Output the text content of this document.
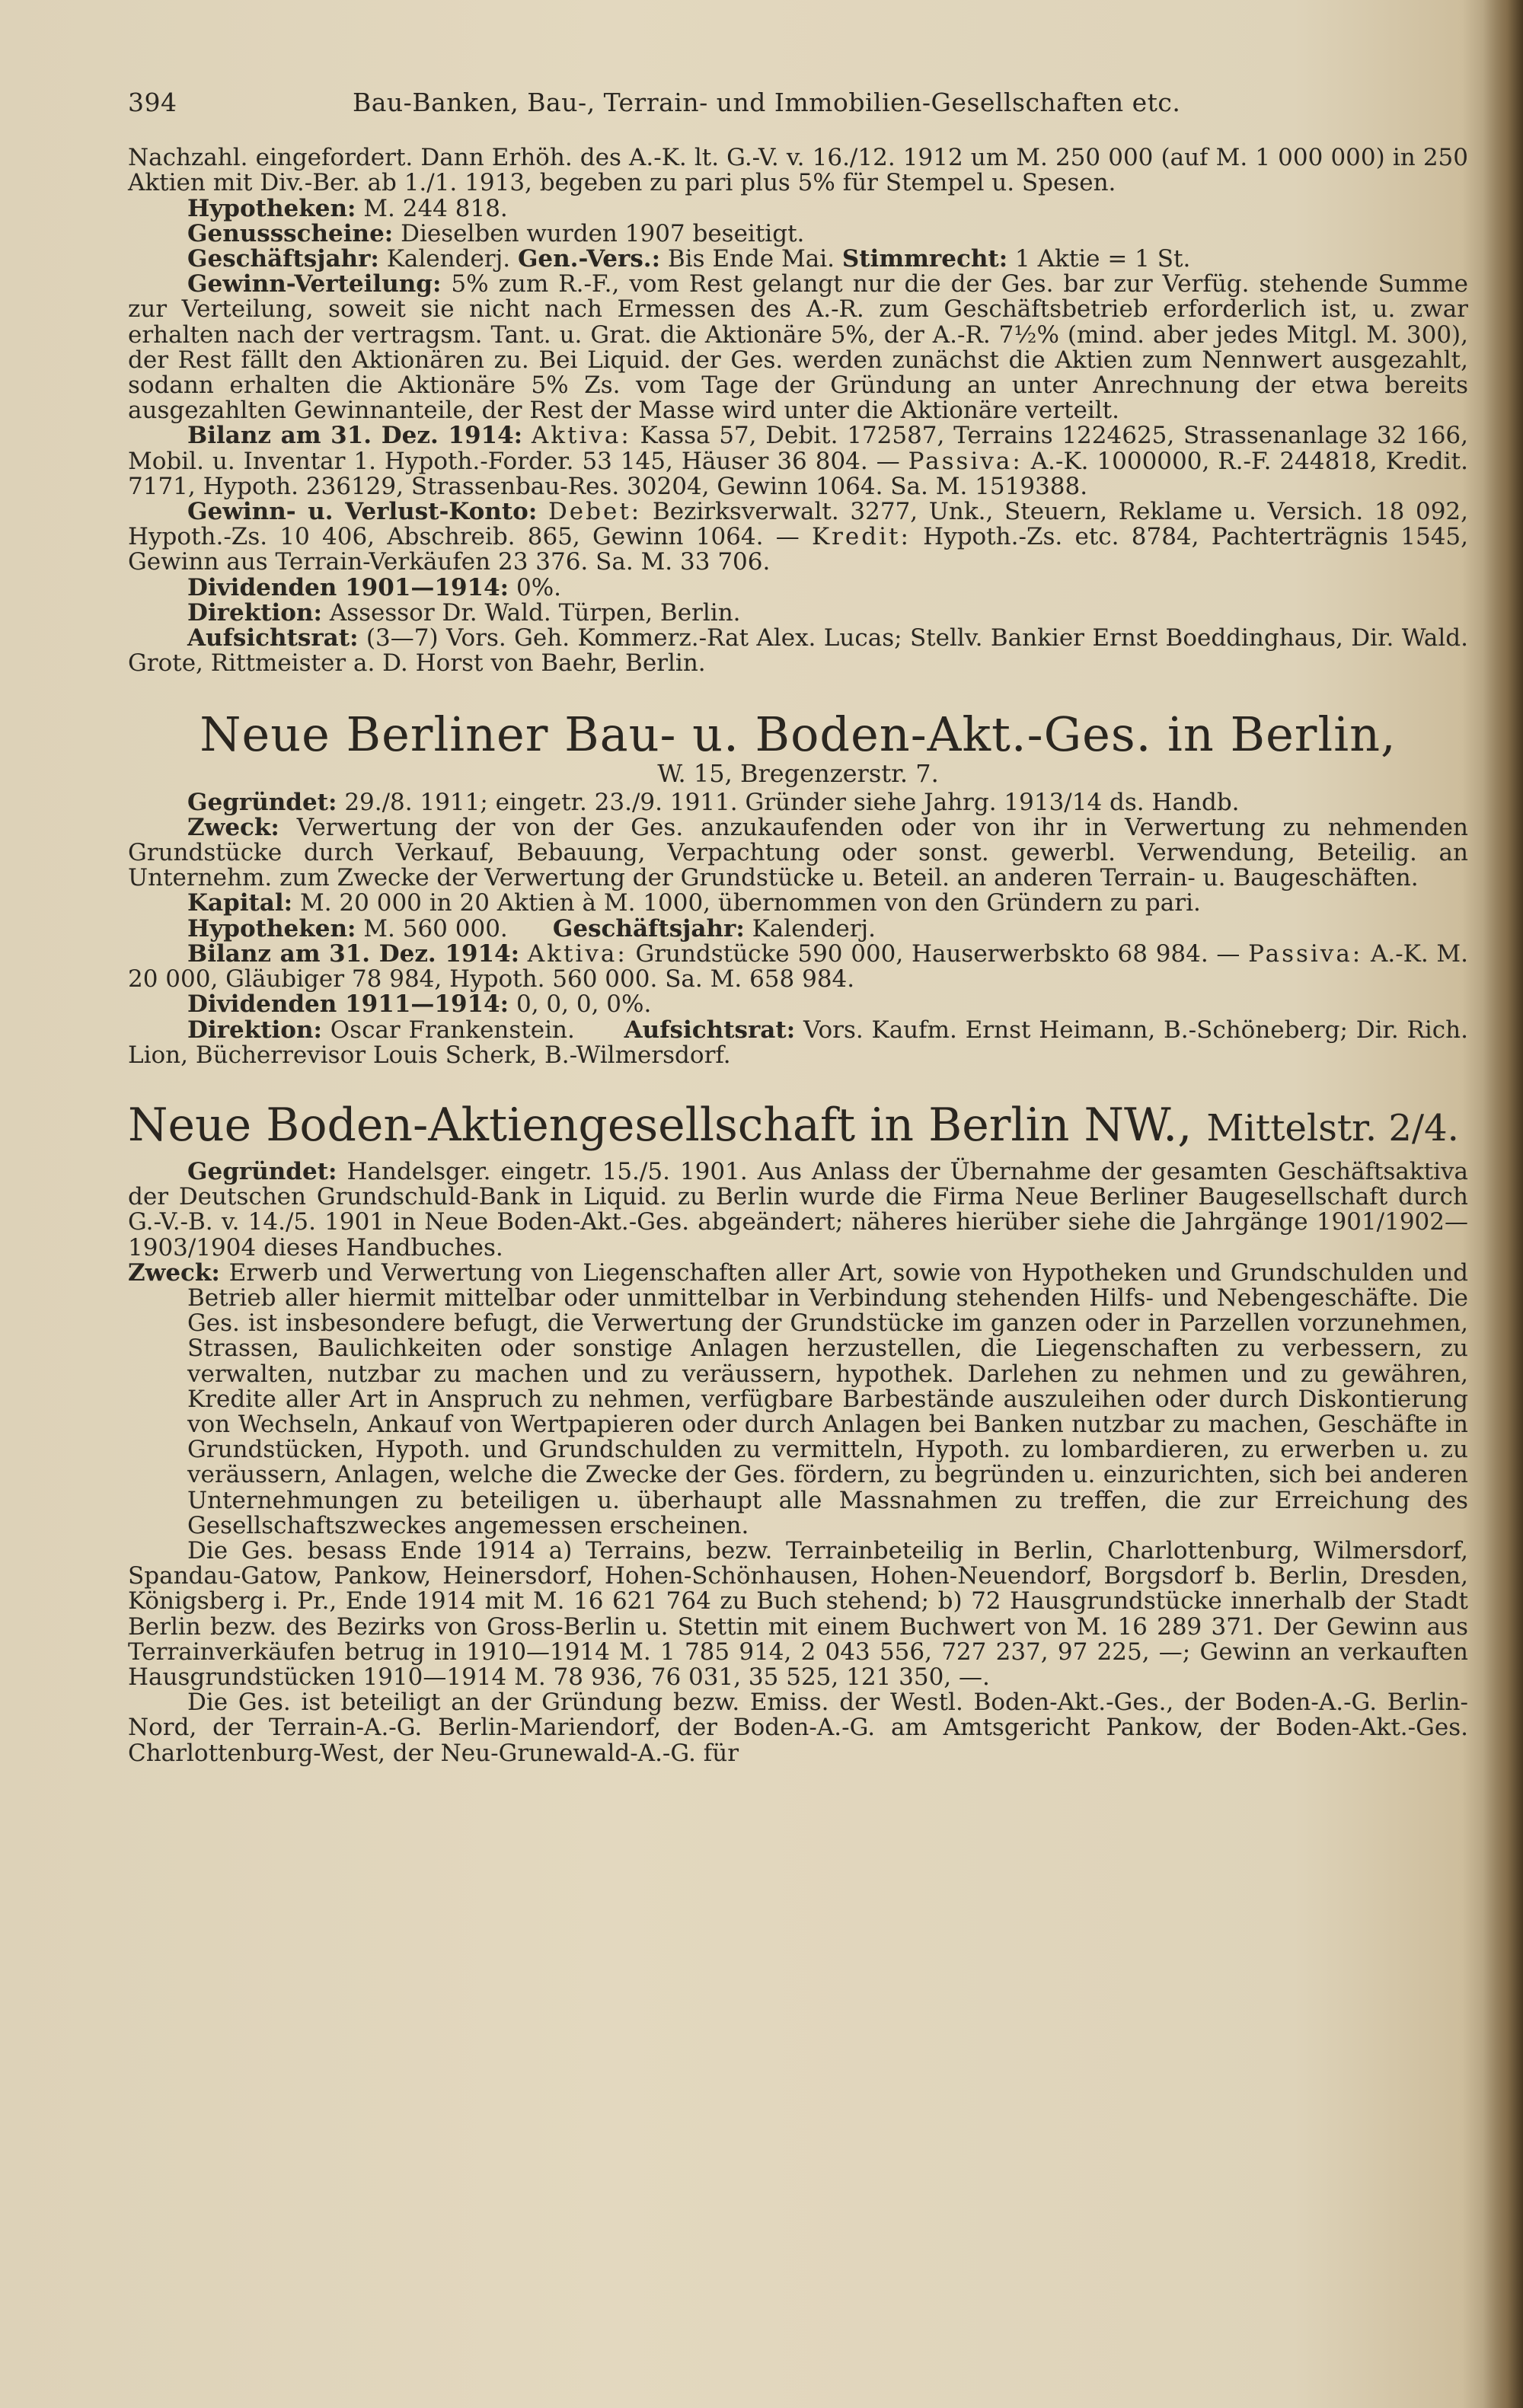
394	Bau-Banken, Bau-, Terrain- und Immobilien-Gesellschaften etc.

Nachzahl. eingefordert. Dann Erhöh. des A.-K. lt. G.-V. v. 16./12. 1912 um M. 250 000 (auf M. 1 000 000) in 250 Aktien mit Div.-Ber. ab 1./1. 1913, begeben zu pari plus 5% für Stempel u. Spesen.

Hypotheken: M. 244 818.

Genussscheine: Dieselben wurden 1907 beseitigt.

Geschäftsjahr: Kalenderj. Gen.-Vers.: Bis Ende Mai. Stimmrecht: 1 Aktie = 1 St.

Gewinn-Verteilung: 5% zum R.-F., vom Rest gelangt nur die der Ges. bar zur Verfüg. stehende Summe zur Verteilung, soweit sie nicht nach Ermessen des A.-R. zum Geschäftsbetrieb erforderlich ist, u. zwar erhalten nach der vertragsm. Tant. u. Grat. die Aktionäre 5%, der A.-R. 7½% (mind. aber jedes Mitgl. M. 300), der Rest fällt den Aktionären zu. Bei Liquid. der Ges. werden zunächst die Aktien zum Nennwert ausgezahlt, sodann erhalten die Aktionäre 5% Zs. vom Tage der Gründung an unter Anrechnung der etwa bereits ausgezahlten Gewinnanteile, der Rest der Masse wird unter die Aktionäre verteilt.

Bilanz am 31. Dez. 1914: Aktiva: Kassa 57, Debit. 172587, Terrains 1224625, Strassenanlage 32 166, Mobil. u. Inventar 1. Hypoth.-Forder. 53 145, Häuser 36 804. — Passiva: A.-K. 1000000, R.-F. 244818, Kredit. 7171, Hypoth. 236129, Strassenbau-Res. 30204, Gewinn 1064. Sa. M. 1519388.

Gewinn- u. Verlust-Konto: Debet: Bezirksverwalt. 3277, Unk., Steuern, Reklame u. Versich. 18 092, Hypoth.-Zs. 10 406, Abschreib. 865, Gewinn 1064. — Kredit: Hypoth.-Zs. etc. 8784, Pachterträgnis 1545, Gewinn aus Terrain-Verkäufen 23 376. Sa. M. 33 706.

Dividenden 1901—1914: 0%.

Direktion: Assessor Dr. Wald. Türpen, Berlin.

Aufsichtsrat: (3—7) Vors. Geh. Kommerz.-Rat Alex. Lucas; Stellv. Bankier Ernst Boeddinghaus, Dir. Wald. Grote, Rittmeister a. D. Horst von Baehr, Berlin.

Neue Berliner Bau- u. Boden-Akt.-Ges. in Berlin,

W. 15, Bregenzerstr. 7.

Gegründet: 29./8. 1911; eingetr. 23./9. 1911. Gründer siehe Jahrg. 1913/14 ds. Handb.

Zweck: Verwertung der von der Ges. anzukaufenden oder von ihr in Verwertung zu nehmenden Grundstücke durch Verkauf, Bebauung, Verpachtung oder sonst. gewerbl. Verwendung, Beteilig. an Unternehm. zum Zwecke der Verwertung der Grundstücke u. Beteil. an anderen Terrain- u. Baugeschäften.

Kapital: M. 20 000 in 20 Aktien à M. 1000, übernommen von den Gründern zu pari.

Hypotheken: M. 560 000. Geschäftsjahr: Kalenderj.

Bilanz am 31. Dez. 1914: Aktiva: Grundstücke 590 000, Hauserwerbskto 68 984. — Passiva: A.-K. M. 20 000, Gläubiger 78 984, Hypoth. 560 000. Sa. M. 658 984.

Dividenden 1911—1914: 0, 0, 0, 0%.

Direktion: Oscar Frankenstein. Aufsichtsrat: Vors. Kaufm. Ernst Heimann, B.-Schöneberg; Dir. Rich. Lion, Bücherrevisor Louis Scherk, B.-Wilmersdorf.

Neue Boden-Aktiengesellschaft in Berlin NW., Mittelstr. 2/4.

Gegründet: Handelsger. eingetr. 15./5. 1901. Aus Anlass der Übernahme der gesamten Geschäftsaktiva der Deutschen Grundschuld-Bank in Liquid. zu Berlin wurde die Firma Neue Berliner Baugesellschaft durch G.-V.-B. v. 14./5. 1901 in Neue Boden-Akt.-Ges. abgeändert; näheres hierüber siehe die Jahrgänge 1901/1902—1903/1904 dieses Handbuches.

Zweck: Erwerb und Verwertung von Liegenschaften aller Art, sowie von Hypotheken und Grundschulden und Betrieb aller hiermit mittelbar oder unmittelbar in Verbindung stehenden Hilfs- und Nebengeschäfte. Die Ges. ist insbesondere befugt, die Verwertung der Grundstücke im ganzen oder in Parzellen vorzunehmen, Strassen, Baulichkeiten oder sonstige Anlagen herzustellen, die Liegenschaften zu verbessern, zu verwalten, nutzbar zu machen und zu veräussern, hypothek. Darlehen zu nehmen und zu gewähren, Kredite aller Art in Anspruch zu nehmen, verfügbare Barbestände auszuleihen oder durch Diskontierung von Wechseln, Ankauf von Wertpapieren oder durch Anlagen bei Banken nutzbar zu machen, Geschäfte in Grundstücken, Hypoth. und Grundschulden zu vermitteln, Hypoth. zu lombardieren, zu erwerben u. zu veräussern, Anlagen, welche die Zwecke der Ges. fördern, zu begründen u. einzurichten, sich bei anderen Unternehmungen zu beteiligen u. überhaupt alle Massnahmen zu treffen, die zur Erreichung des Gesellschaftszweckes angemessen erscheinen.

Die Ges. besass Ende 1914 a) Terrains, bezw. Terrainbeteilig in Berlin, Charlottenburg, Wilmersdorf, Spandau-Gatow, Pankow, Heinersdorf, Hohen-Schönhausen, Hohen-Neuendorf, Borgsdorf b. Berlin, Dresden, Königsberg i. Pr., Ende 1914 mit M. 16 621 764 zu Buch stehend; b) 72 Hausgrundstücke innerhalb der Stadt Berlin bezw. des Bezirks von Gross-Berlin u. Stettin mit einem Buchwert von M. 16 289 371. Der Gewinn aus Terrainverkäufen betrug in 1910—1914 M. 1 785 914, 2 043 556, 727 237, 97 225, —; Gewinn an verkauften Hausgrundstücken 1910—1914 M. 78 936, 76 031, 35 525, 121 350, —.

Die Ges. ist beteiligt an der Gründung bezw. Emiss. der Westl. Boden-Akt.-Ges., der Boden-A.-G. Berlin-Nord, der Terrain-A.-G. Berlin-Mariendorf, der Boden-A.-G. am Amtsgericht Pankow, der Boden-Akt.-Ges. Charlottenburg-West, der Neu-Grunewald-A.-G. für
